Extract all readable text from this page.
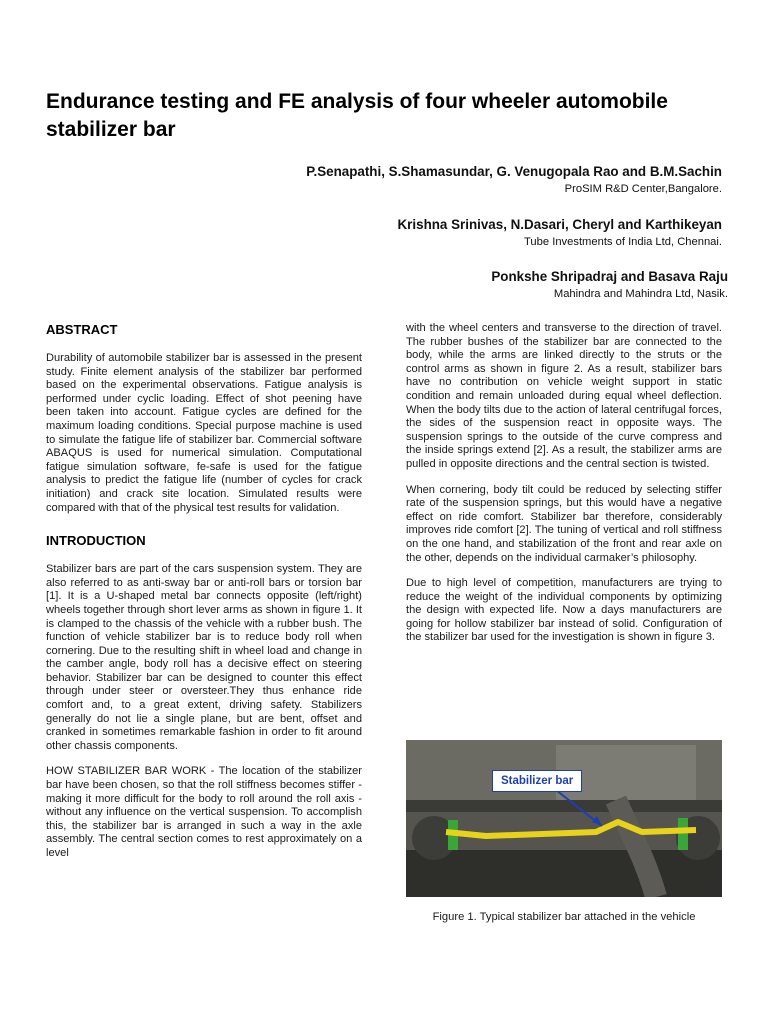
Endurance testing and FE analysis of four wheeler automobile stabilizer bar
P.Senapathi, S.Shamasundar, G. Venugopala Rao and B.M.Sachin
ProSIM R&D Center,Bangalore.
Krishna Srinivas, N.Dasari, Cheryl and Karthikeyan
Tube Investments of India Ltd, Chennai.
Ponkshe Shripadraj and Basava Raju
Mahindra and Mahindra Ltd, Nasik.
ABSTRACT

Durability of automobile stabilizer bar is assessed in the present study. Finite element analysis of the stabilizer bar performed based on the experimental observations. Fatigue analysis is performed under cyclic loading. Effect of shot peening have been taken into account. Fatigue cycles are defined for the maximum loading conditions. Special purpose machine is used to simulate the fatigue life of stabilizer bar. Commercial software ABAQUS is used for numerical simulation. Computational fatigue simulation software, fe-safe is used for the fatigue analysis to predict the fatigue life (number of cycles for crack initiation) and crack site location. Simulated results were compared with that of the physical test results for validation.

INTRODUCTION

Stabilizer bars are part of the cars suspension system. They are also referred to as anti-sway bar or anti-roll bars or torsion bar [1]. It is a U-shaped metal bar connects opposite (left/right) wheels together through short lever arms as shown in figure 1. It is clamped to the chassis of the vehicle with a rubber bush. The function of vehicle stabilizer bar is to reduce body roll when cornering. Due to the resulting shift in wheel load and change in the camber angle, body roll has a decisive effect on steering behavior. Stabilizer bar can be designed to counter this effect through under steer or oversteer.They thus enhance ride comfort and, to a great extent, driving safety. Stabilizers generally do not lie a single plane, but are bent, offset and cranked in sometimes remarkable fashion in order to fit around other chassis components.

HOW STABILIZER BAR WORK - The location of the stabilizer bar have been chosen, so that the roll stiffness becomes stiffer - making it more difficult for the body to roll around the roll axis - without any influence on the vertical suspension. To accomplish this, the stabilizer bar is arranged in such a way in the axle assembly. The central section comes to rest approximately on a level

with the wheel centers and transverse to the direction of travel. The rubber bushes of the stabilizer bar are connected to the body, while the arms are linked directly to the struts or the control arms as shown in figure 2. As a result, stabilizer bars have no contribution on vehicle weight support in static condition and remain unloaded during equal wheel deflection. When the body tilts due to the action of lateral centrifugal forces, the sides of the suspension react in opposite ways. The suspension springs to the outside of the curve compress and the inside springs extend [2]. As a result, the stabilizer arms are pulled in opposite directions and the central section is twisted.

When cornering, body tilt could be reduced by selecting stiffer rate of the suspension springs, but this would have a negative effect on ride comfort. Stabilizer bar therefore, considerably improves ride comfort [2]. The tuning of vertical and roll stiffness on the one hand, and stabilization of the front and rear axle on the other, depends on the individual carmaker’s philosophy.

Due to high level of competition, manufacturers are trying to reduce the weight of the individual components by optimizing the design with expected life. Now a days manufacturers are going for hollow stabilizer bar instead of solid. Configuration of the stabilizer bar used for the investigation is shown in figure 3.

Stabilizer bar
Figure 1. Typical stabilizer bar attached in the vehicle
